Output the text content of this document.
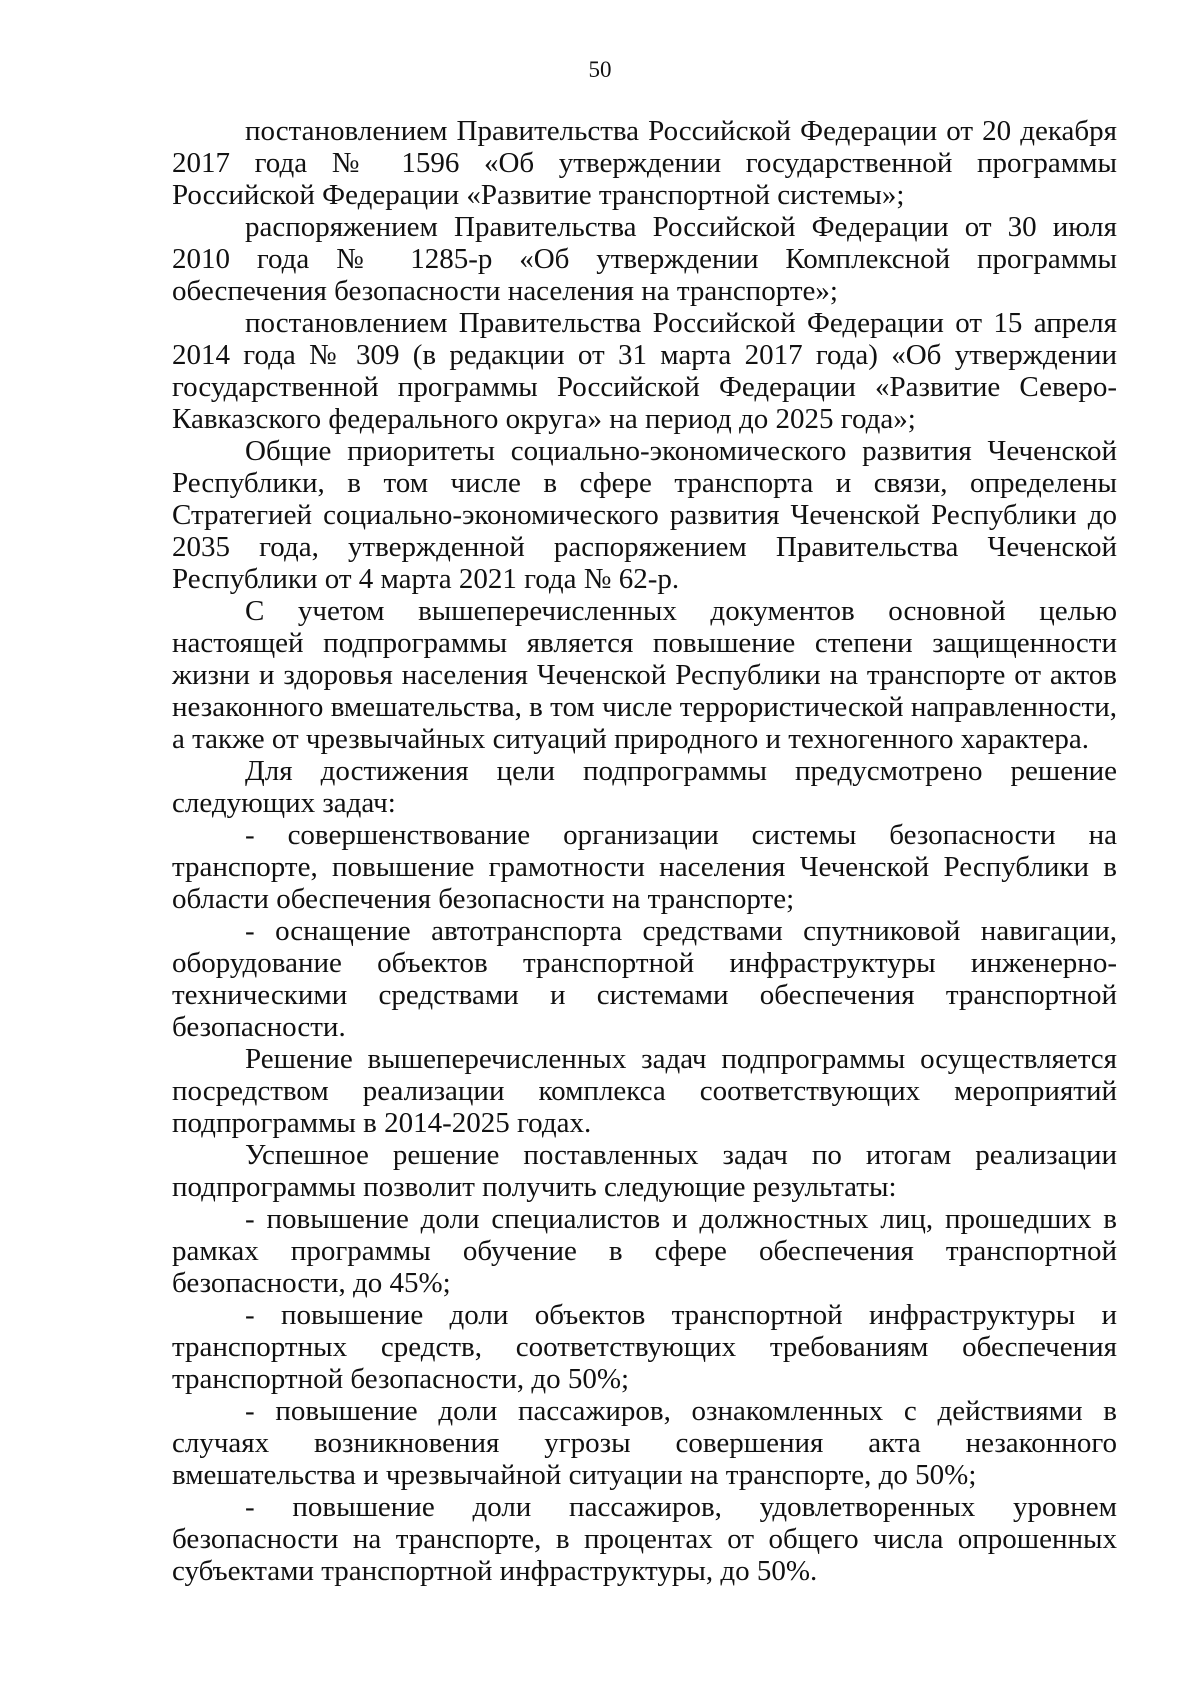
50

постановлением Правительства Российской Федерации от 20 декабря 2017 года № 1596 «Об утверждении государственной программы Российской Федерации «Развитие транспортной системы»;

распоряжением Правительства Российской Федерации от 30 июля 2010 года № 1285-р «Об утверждении Комплексной программы обеспечения безопасности населения на транспорте»;

постановлением Правительства Российской Федерации от 15 апреля 2014 года № 309 (в редакции от 31 марта 2017 года) «Об утверждении государственной программы Российской Федерации «Развитие Северо-Кавказского федерального округа» на период до 2025 года»;

Общие приоритеты социально-экономического развития Чеченской Республики, в том числе в сфере транспорта и связи, определены Стратегией социально-экономического развития Чеченской Республики до 2035 года, утвержденной распоряжением Правительства Чеченской Республики от 4 марта 2021 года № 62-р.

С учетом вышеперечисленных документов основной целью настоящей подпрограммы является повышение степени защищенности жизни и здоровья населения Чеченской Республики на транспорте от актов незаконного вмешательства, в том числе террористической направленности, а также от чрезвычайных ситуаций природного и техногенного характера.

Для достижения цели подпрограммы предусмотрено решение следующих задач:

- совершенствование организации системы безопасности на транспорте, повышение грамотности населения Чеченской Республики в области обеспечения безопасности на транспорте;

- оснащение автотранспорта средствами спутниковой навигации, оборудование объектов транспортной инфраструктуры инженерно-техническими средствами и системами обеспечения транспортной безопасности.

Решение вышеперечисленных задач подпрограммы осуществляется посредством реализации комплекса соответствующих мероприятий подпрограммы в 2014-2025 годах.

Успешное решение поставленных задач по итогам реализации подпрограммы позволит получить следующие результаты:

- повышение доли специалистов и должностных лиц, прошедших в рамках программы обучение в сфере обеспечения транспортной безопасности, до 45%;

- повышение доли объектов транспортной инфраструктуры и транспортных средств, соответствующих требованиям обеспечения транспортной безопасности, до 50%;

- повышение доли пассажиров, ознакомленных с действиями в случаях возникновения угрозы совершения акта незаконного вмешательства и чрезвычайной ситуации на транспорте, до 50%;

- повышение доли пассажиров, удовлетворенных уровнем безопасности на транспорте, в процентах от общего числа опрошенных субъектами транспортной инфраструктуры, до 50%.
